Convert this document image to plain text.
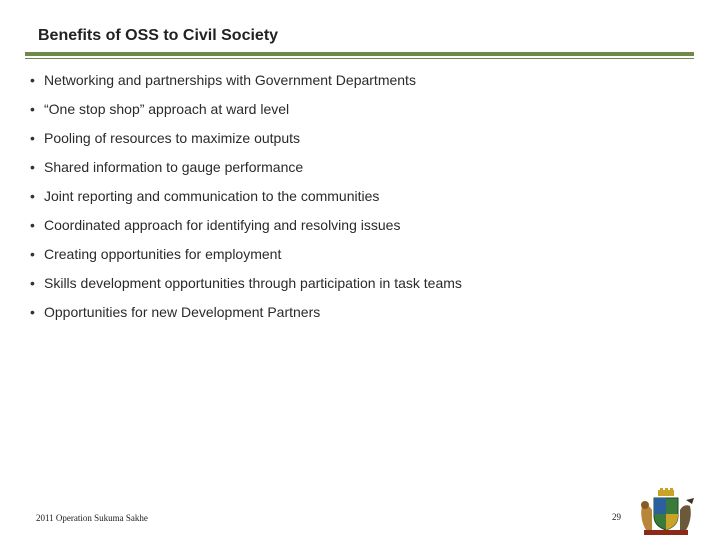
Benefits of OSS to Civil Society
• Networking and partnerships with Government Departments
• “One stop shop” approach at ward level
• Pooling of resources to maximize outputs
• Shared information to gauge performance
• Joint reporting and communication to the communities
• Coordinated approach for identifying and resolving issues
• Creating opportunities for employment
• Skills development opportunities through participation in task teams
• Opportunities for new Development Partners
2011 Operation Sukuma Sakhe	29
